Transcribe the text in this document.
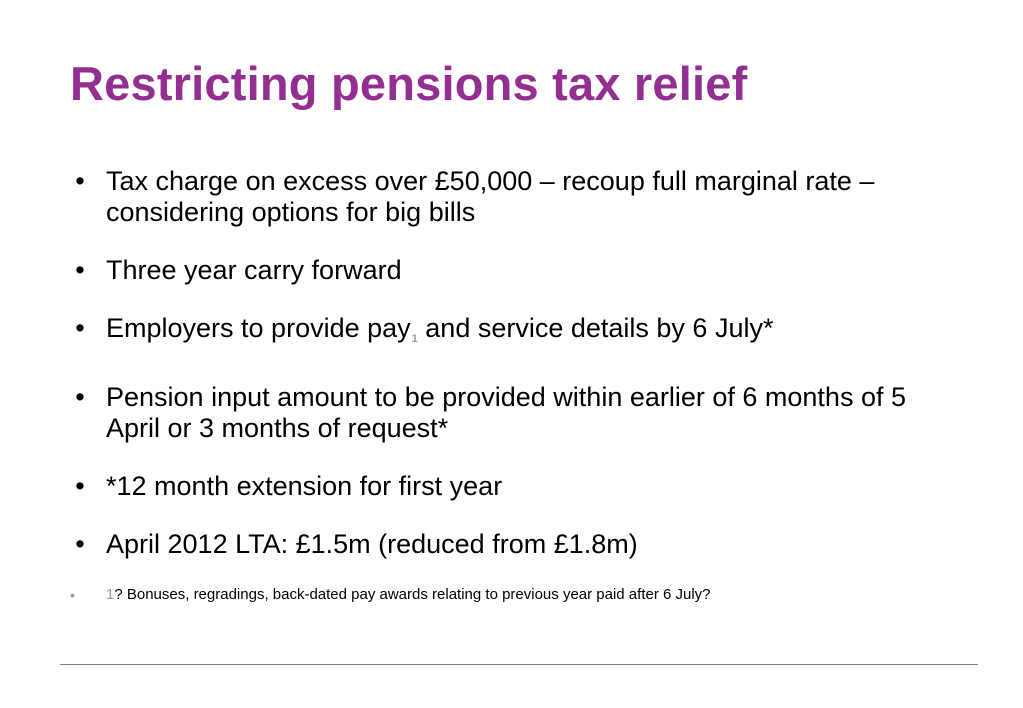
Restricting pensions tax relief
• Tax charge on excess over £50,000 – recoup full marginal rate – considering options for big bills
• Three year carry forward
• Employers to provide pay1 and service details by 6 July*
• Pension input amount to be provided within earlier of 6 months of 5 April or 3 months of request*
• *12 month extension for first year
• April 2012 LTA: £1.5m (reduced from £1.8m)
•	1? Bonuses, regradings, back-dated pay awards relating to previous year paid after 6 July?
